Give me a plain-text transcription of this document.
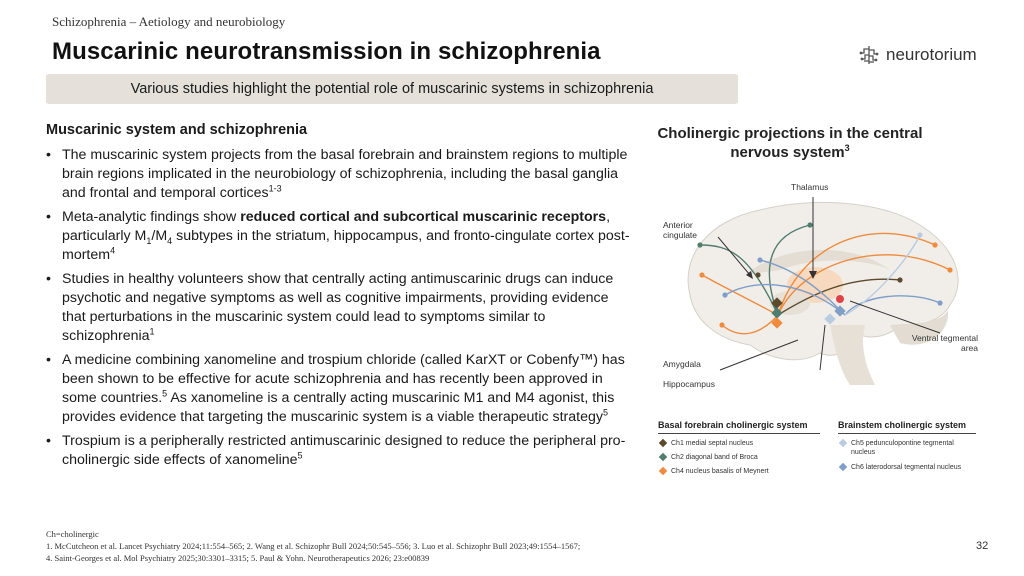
Schizophrenia – Aetiology and neurobiology
Muscarinic neurotransmission in schizophrenia	neurotorium
Various studies highlight the potential role of muscarinic systems in schizophrenia
Muscarinic system and schizophrenia
• The muscarinic system projects from the basal forebrain and brainstem regions to multiple brain regions implicated in the neurobiology of schizophrenia, including the basal ganglia and frontal and temporal cortices$^{1-3}$
• Meta-analytic findings show reduced cortical and subcortical muscarinic receptors, particularly $M_1/M_4$ subtypes in the striatum, hippocampus, and fronto-cingulate cortex post-mortem$^4$
• Studies in healthy volunteers show that centrally acting antimuscarinic drugs can induce psychotic and negative symptoms as well as cognitive impairments, providing evidence that perturbations in the muscarinic system could lead to symptoms similar to schizophrenia$^1$
• A medicine combining xanomeline and trospium chloride (called KarXT or Cobenfy™) has been shown to be effective for acute schizophrenia and has recently been approved in some countries.$^5$ As xanomeline is a centrally acting muscarinic M1 and M4 agonist, this provides evidence that targeting the muscarinic system is a viable therapeutic strategy$^5$
• Trospium is a peripherally restricted antimuscarinic designed to reduce the peripheral pro-cholinergic side effects of xanomeline$^5$
Cholinergic projections in the central nervous system$^3$
Thalamus
Anterior cingulate
Ventral tegmental area
Amygdala
Hippocampus
Basal forebrain cholinergic system	Brainstem cholinergic system
Ch1 medial septal nucleus
Ch2 diagonal band of Broca
Ch4 nucleus basalis of Meynert
Ch5 pedunculopontine tegmental nucleus
Ch6 laterodorsal tegmental nucleus
Ch=cholinergic
1. McCutcheon et al. Lancet Psychiatry 2024;11:554–565; 2. Wang et al. Schizophr Bull 2024;50:545–556; 3. Luo et al. Schizophr Bull 2023;49:1554–1567;
4. Saint-Georges et al. Mol Psychiatry 2025;30:3301–3315; 5. Paul & Yohn. Neurotherapeutics 2026; 23:e00839
32
